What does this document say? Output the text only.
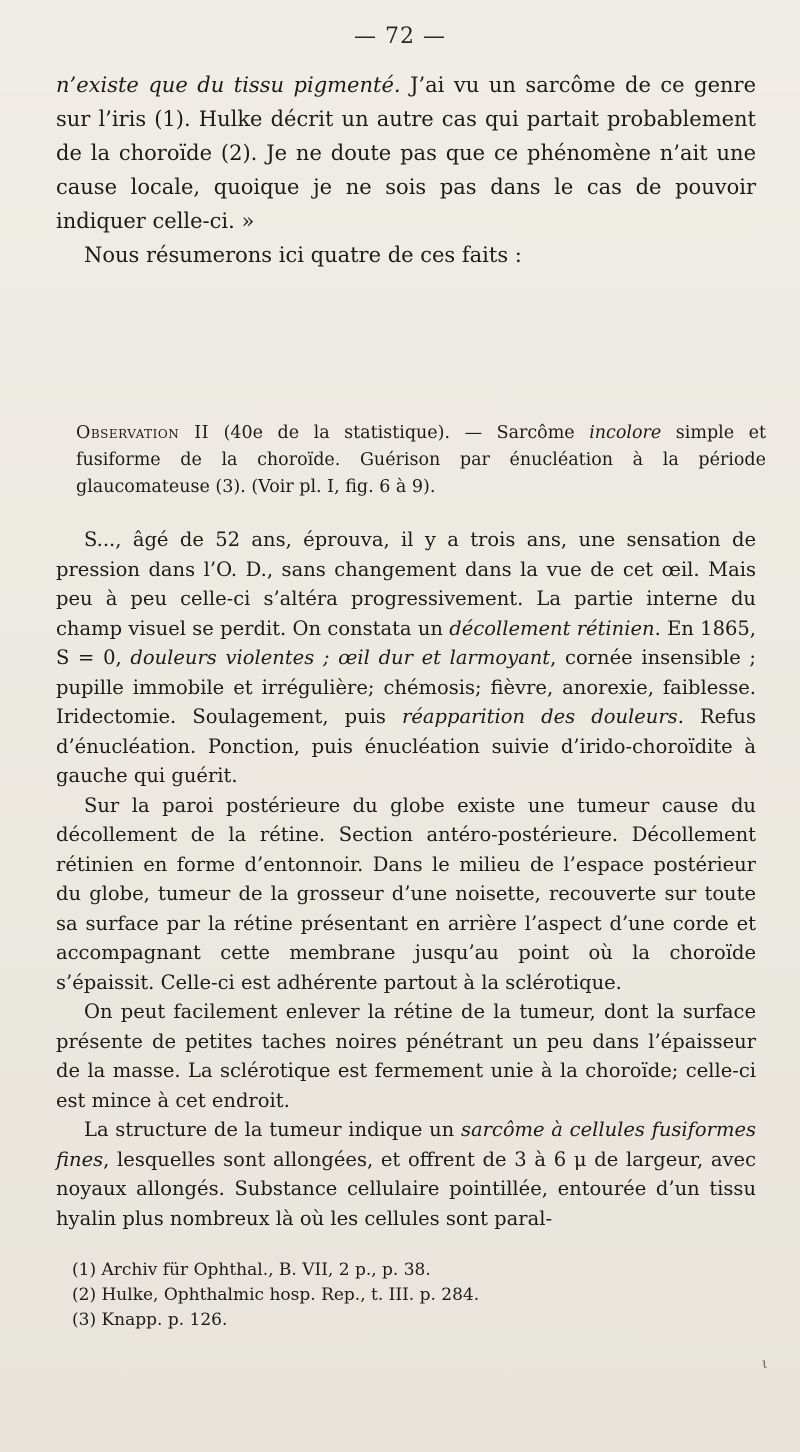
— 72 —

n’existe que du tissu pigmenté. J’ai vu un sarcôme de ce genre sur l’iris (1). Hulke décrit un autre cas qui partait probablement de la choroïde (2). Je ne doute pas que ce phénomène n’ait une cause locale, quoique je ne sois pas dans le cas de pouvoir indiquer celle-ci. »

Nous résumerons ici quatre de ces faits :

Observation II (40e de la statistique). — Sarcôme incolore simple et fusiforme de la choroïde. Guérison par énucléation à la période glaucomateuse (3). (Voir pl. I, fig. 6 à 9).

S..., âgé de 52 ans, éprouva, il y a trois ans, une sensation de pression dans l’O. D., sans changement dans la vue de cet œil. Mais peu à peu celle-ci s’altéra progressivement. La partie interne du champ visuel se perdit. On constata un décollement rétinien. En 1865, S = 0, douleurs violentes ; œil dur et larmoyant, cornée insensible ; pupille immobile et irrégulière; chémosis; fièvre, anorexie, faiblesse. Iridectomie. Soulagement, puis réapparition des douleurs. Refus d’énucléation. Ponction, puis énucléation suivie d’irido-choroïdite à gauche qui guérit.

Sur la paroi postérieure du globe existe une tumeur cause du décollement de la rétine. Section antéro-postérieure. Décollement rétinien en forme d’entonnoir. Dans le milieu de l’espace postérieur du globe, tumeur de la grosseur d’une noisette, recouverte sur toute sa surface par la rétine présentant en arrière l’aspect d’une corde et accompagnant cette membrane jusqu’au point où la choroïde s’épaissit. Celle-ci est adhérente partout à la sclérotique.

On peut facilement enlever la rétine de la tumeur, dont la surface présente de petites taches noires pénétrant un peu dans l’épaisseur de la masse. La sclérotique est fermement unie à la choroïde; celle-ci est mince à cet endroit.

La structure de la tumeur indique un sarcôme à cellules fusiformes fines, lesquelles sont allongées, et offrent de 3 à 6 μ de largeur, avec noyaux allongés. Substance cellulaire pointillée, entourée d’un tissu hyalin plus nombreux là où les cellules sont paral-

(1) Archiv für Ophthal., B. VII, 2 p., p. 38.

(2) Hulke, Ophthalmic hosp. Rep., t. III. p. 284.

(3) Knapp. p. 126.

ι
